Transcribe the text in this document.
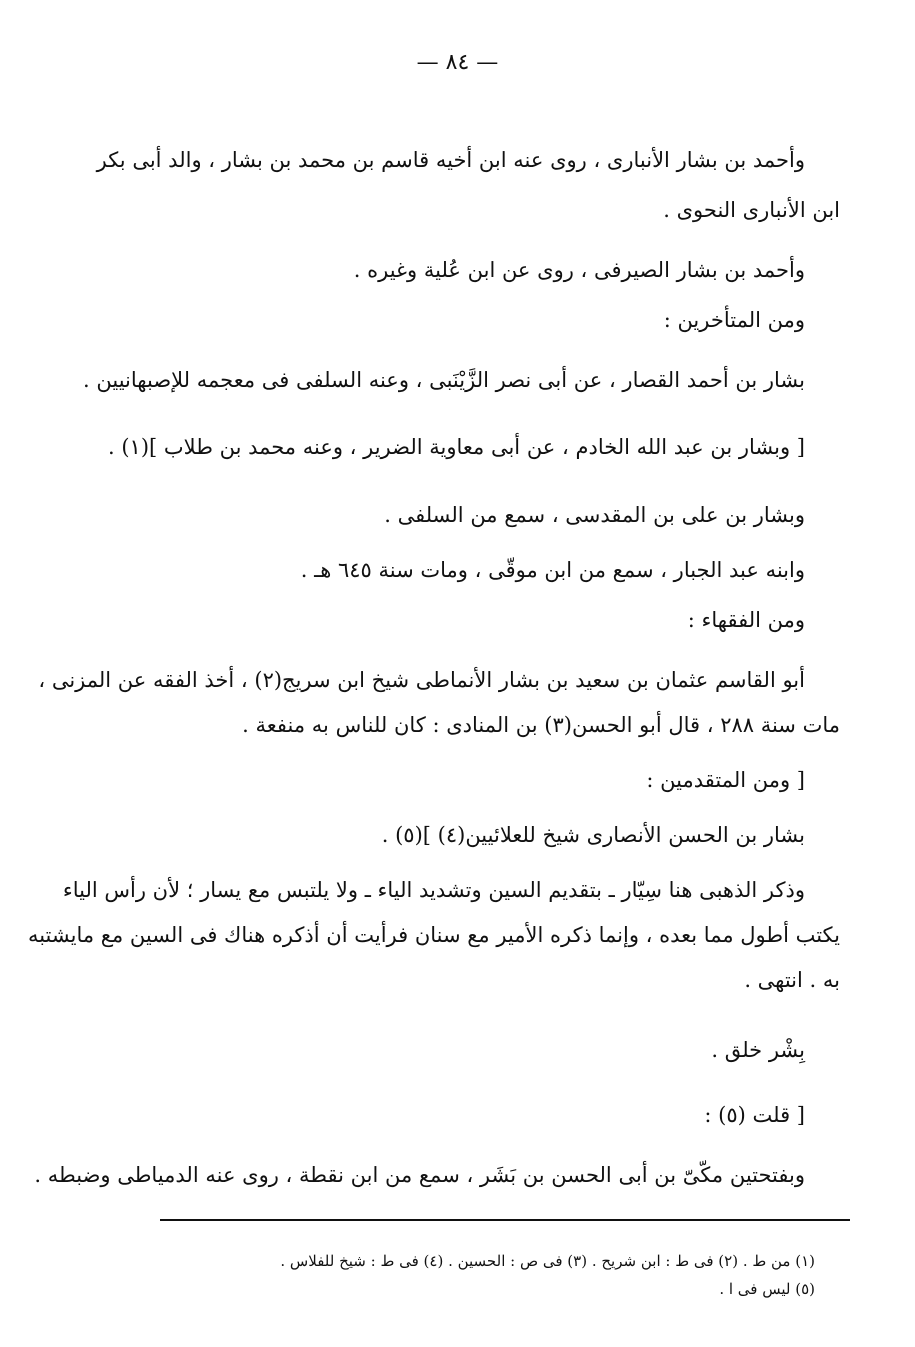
— ٨٤ —
وأحمد بن بشار الأنبارى ، روى عنه ابن أخيه قاسم بن محمد بن بشار ، والد أبى بكر
ابن الأنبارى النحوى .
وأحمد بن بشار الصيرفى ، روى عن ابن عُلية وغيره .
ومن المتأخرين :
بشار بن أحمد القصار ، عن أبى نصر الزَّيْنَبى ، وعنه السلفى فى معجمه للإصبهانيين .
[ وبشار بن عبد الله الخادم ، عن أبى معاوية الضرير ، وعنه محمد بن طلاب ](١) .
وبشار بن على بن المقدسى ، سمع من السلفى .
وابنه عبد الجبار ، سمع من ابن موقّى ، ومات سنة ٦٤٥ هـ .
ومن الفقهاء :
أبو القاسم عثمان بن سعيد بن بشار الأنماطى شيخ ابن سريج(٢) ، أخذ الفقه عن المزنى ،
مات سنة ٢٨٨ ، قال أبو الحسن(٣) بن المنادى : كان للناس به منفعة .
[ ومن المتقدمين :
بشار بن الحسن الأنصارى شيخ للعلائيين(٤) ](٥) .
وذكر الذهبى هنا سِيّار ـ بتقديم السين وتشديد الياء ـ ولا يلتبس مع يسار ؛ لأن رأس الياء
يكتب أطول مما بعده ، وإنما ذكره الأمير مع سنان فرأيت أن أذكره هناك فى السين مع مايشتبه
به . انتهى .
بِشْر خلق .
[ قلت (٥) :
وبفتحتين مكّىّ بن أبى الحسن بن بَشَر ، سمع من ابن نقطة ، روى عنه الدمياطى وضبطه .
(١) من ط . (٢) فى ط : ابن شريح . (٣) فى ص : الحسين . (٤) فى ط : شيخ للفلاس .
(٥) ليس فى ا .
